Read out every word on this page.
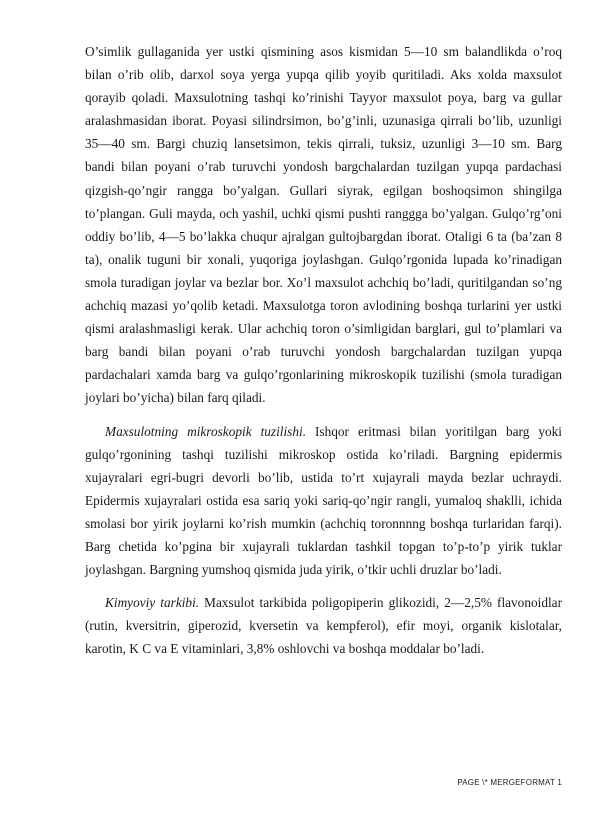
O’simlik gullaganida yer ustki qismining asos kismidan 5—10 sm balandlikda o’roq bilan o’rib olib, darxol soya yerga yupqa qilib yoyib quritiladi. Aks xolda maxsulot qorayib qoladi. Maxsulotning tashqi ko’rinishi Tayyor maxsulot poya, barg va gullar aralashmasidan iborat. Poyasi silindrsimon, bo’g’inli, uzunasiga qirrali bo’lib, uzunligi 35—40 sm. Bargi chuziq lansetsimon, tekis qirrali, tuksiz, uzunligi 3—10 sm. Barg bandi bilan poyani o’rab turuvchi yondosh bargchalardan tuzilgan yupqa pardachasi qizgish-qo’ngir rangga bo’yalgan. Gullari siyrak, egilgan boshoqsimon shingilga to’plangan. Guli mayda, och yashil, uchki qismi pushti ranggga bo’yalgan. Gulqo’rg’oni oddiy bo’lib, 4—5 bo’lakka chuqur ajralgan gultojbargdan iborat. Otaligi 6 ta (ba’zan 8 ta), onalik tuguni bir xonali, yuqoriga joylashgan. Gulqo’rgonida lupada ko’rinadigan smola turadigan joylar va bezlar bor. Xo’l maxsulot achchiq bo’ladi, quritilgandan so’ng achchiq mazasi yo’qolib ketadi. Maxsulotga toron avlodining boshqa turlarini yer ustki qismi aralashmasligi kerak. Ular achchiq toron o’simligidan barglari, gul to’plamlari va barg bandi bilan poyani o’rab turuvchi yondosh bargchalardan tuzilgan yupqa pardachalari xamda barg va gulqo’rgonlarining mikroskopik tuzilishi (smola turadigan joylari bo’yicha) bilan farq qiladi.

Maxsulotning mikroskopik tuzilishi. Ishqor eritmasi bilan yoritilgan barg yoki gulqo’rgonining tashqi tuzilishi mikroskop ostida ko’riladi. Bargning epidermis xujayralari egri-bugri devorli bo’lib, ustida to’rt xujayrali mayda bezlar uchraydi. Epidermis xujayralari ostida esa sariq yoki sariq-qo’ngir rangli, yumaloq shaklli, ichida smolasi bor yirik joylarni ko’rish mumkin (achchiq toronnnng boshqa turlaridan farqi). Barg chetida ko’pgina bir xujayrali tuklardan tashkil topgan to’p-to’p yirik tuklar joylashgan. Bargning yumshoq qismida juda yirik, o’tkir uchli druzlar bo’ladi.

Kimyoviy tarkibi. Maxsulot tarkibida poligopiperin glikozidi, 2—2,5% flavonoidlar (rutin, kversitrin, giperozid, kversetin va kempferol), efir moyi, organik kislotalar, karotin, K C va E vitaminlari, 3,8% oshlovchi va boshqa moddalar bo’ladi.

PAGE \* MERGEFORMAT 1
